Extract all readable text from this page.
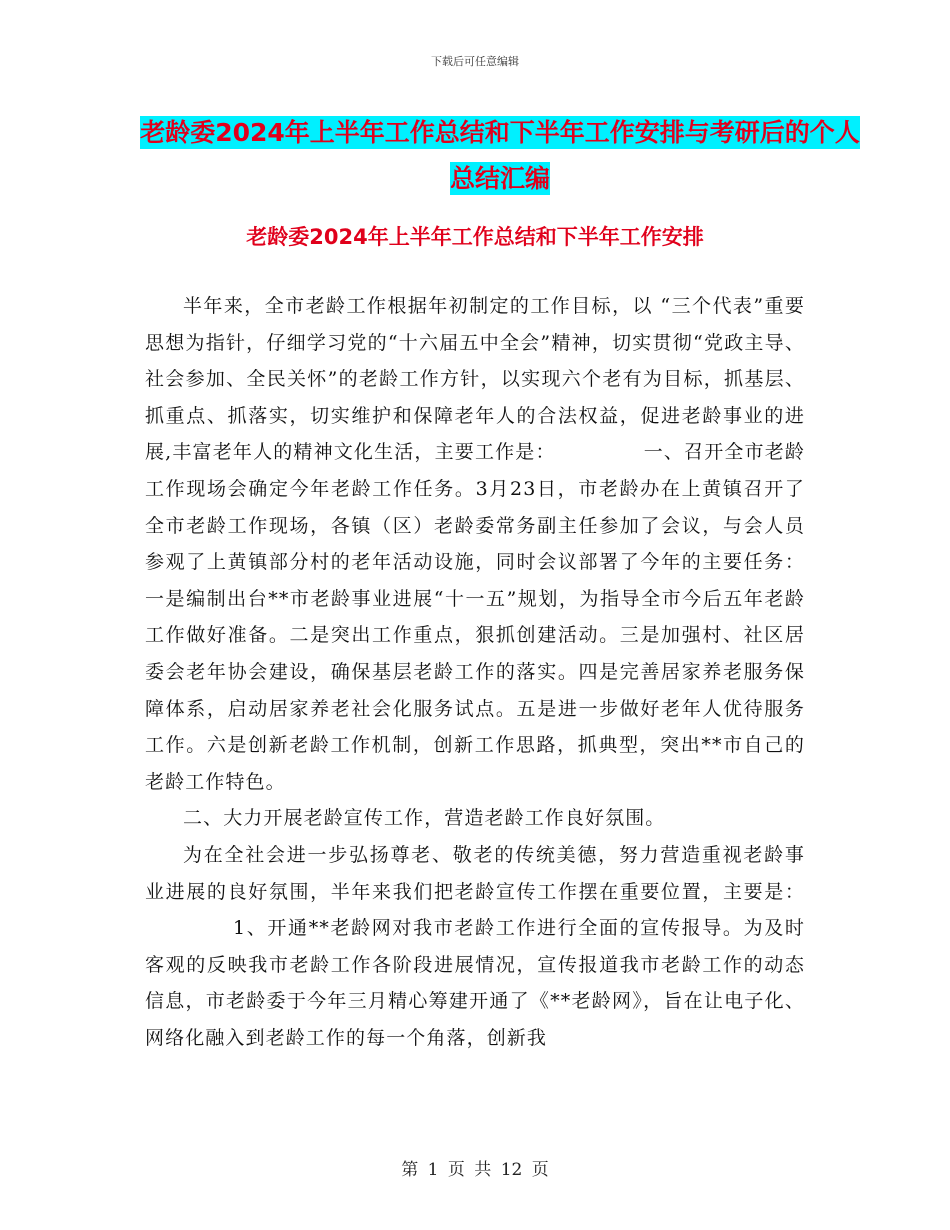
下载后可任意编辑
老龄委2024年上半年工作总结和下半年工作安排与考研后的个人总结汇编
老龄委2024年上半年工作总结和下半年工作安排

半年来，全市老龄工作根据年初制定的工作目标，以 “三个代表”重要思想为指针，仔细学习党的“十六届五中全会”精神，切实贯彻“党政主导、社会参加、全民关怀”的老龄工作方针，以实现六个老有为目标，抓基层、抓重点、抓落实，切实维护和保障老年人的合法权益，促进老龄事业的进展,丰富老年人的精神文化生活，主要工作是：	一、召开全市老龄工作现场会确定今年老龄工作任务。3月23日，市老龄办在上黄镇召开了全市老龄工作现场，各镇（区）老龄委常务副主任参加了会议，与会人员参观了上黄镇部分村的老年活动设施，同时会议部署了今年的主要任务：一是编制出台**市老龄事业进展“十一五”规划，为指导全市今后五年老龄工作做好准备。二是突出工作重点，狠抓创建活动。三是加强村、社区居委会老年协会建设，确保基层老龄工作的落实。四是完善居家养老服务保障体系，启动居家养老社会化服务试点。五是进一步做好老年人优待服务工作。六是创新老龄工作机制，创新工作思路，抓典型，突出**市自己的老龄工作特色。

二、大力开展老龄宣传工作，营造老龄工作良好氛围。

为在全社会进一步弘扬尊老、敬老的传统美德，努力营造重视老龄事业进展的良好氛围，半年来我们把老龄宣传工作摆在重要位置，主要是：1、开通**老龄网对我市老龄工作进行全面的宣传报导。为及时客观的反映我市老龄工作各阶段进展情况，宣传报道我市老龄工作的动态信息，市老龄委于今年三月精心筹建开通了《**老龄网》，旨在让电子化、网络化融入到老龄工作的每一个角落，创新我

第 1 页 共 12 页
